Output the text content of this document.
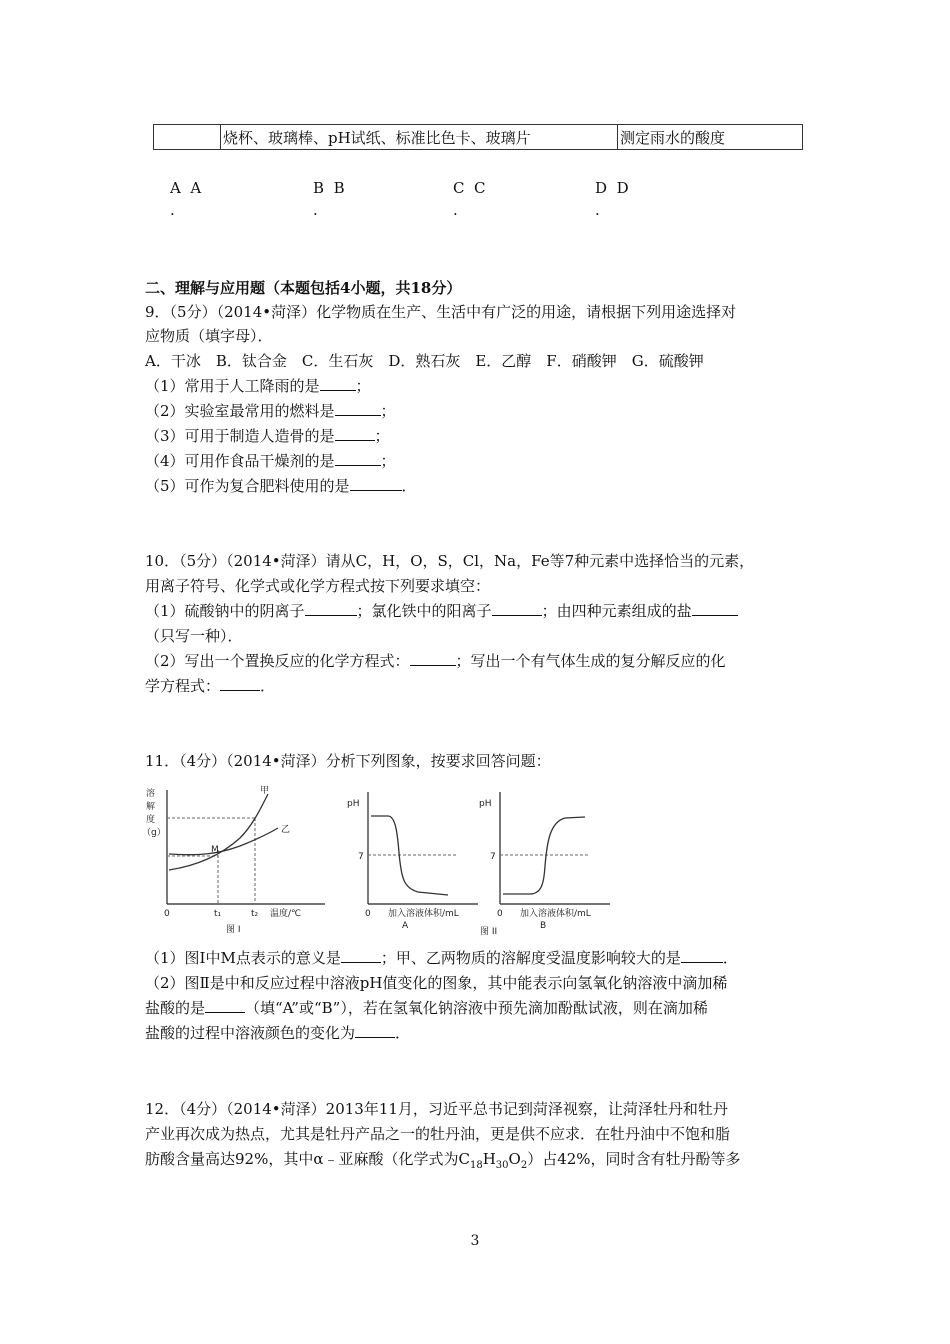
	烧杯、玻璃棒、pH试纸、标准比色卡、玻璃片	测定雨水的酸度
A A
.
B B
.
C C
.
D D
.
二、理解与应用题（本题包括4小题，共18分）
9．（5分）（2014•菏泽）化学物质在生产、生活中有广泛的用途，请根据下列用途选择对
应物质（填字母）．
A．干冰　B．钛合金　C．生石灰　D．熟石灰　E．乙醇　F．硝酸钾　G．硫酸钾
（1）常用于人工降雨的是 ；
（2）实验室最常用的燃料是	；
（3）可用于制造人造骨的是	；
（4）可用作食品干燥剂的是	；
（5）可作为复合肥料使用的是	．
10．（5分）（2014•菏泽）请从C，H，O，S，Cl，Na，Fe等7种元素中选择恰当的元素，
用离子符号、化学式或化学方程式按下列要求填空：
（1）硫酸钠中的阴离子	；氯化铁中的阳离子	；由四种元素组成的盐
（只写一种）．
（2）写出一个置换反应的化学方程式：	；写出一个有气体生成的复分解反应的化
学方程式：	．
11．（4分）（2014•菏泽）分析下列图象，按要求回答问题：
溶
解
度
（g）
甲
乙
M
0	t₁	t₂ 温度/℃
图 I
pH
7
0 加入溶液体积/mL
A
pH
7
0 加入溶液体积/mL
B
图 II
（1）图Ⅰ中M点表示的意义是	；甲、乙两物质的溶解度受温度影响较大的是	．
（2）图Ⅱ是中和反应过程中溶液pH值变化的图象，其中能表示向氢氧化钠溶液中滴加稀
盐酸的是	（填“A”或“B”），若在氢氧化钠溶液中预先滴加酚酞试液，则在滴加稀
盐酸的过程中溶液颜色的变化为	．
12．（4分）（2014•菏泽）2013年11月，习近平总书记到菏泽视察，让菏泽牡丹和牡丹
产业再次成为热点，尤其是牡丹产品之一的牡丹油，更是供不应求．在牡丹油中不饱和脂
肪酸含量高达92%，其中α﹣亚麻酸（化学式为$C_{18}H_{30}O_2$）占42%，同时含有牡丹酚等多
3
